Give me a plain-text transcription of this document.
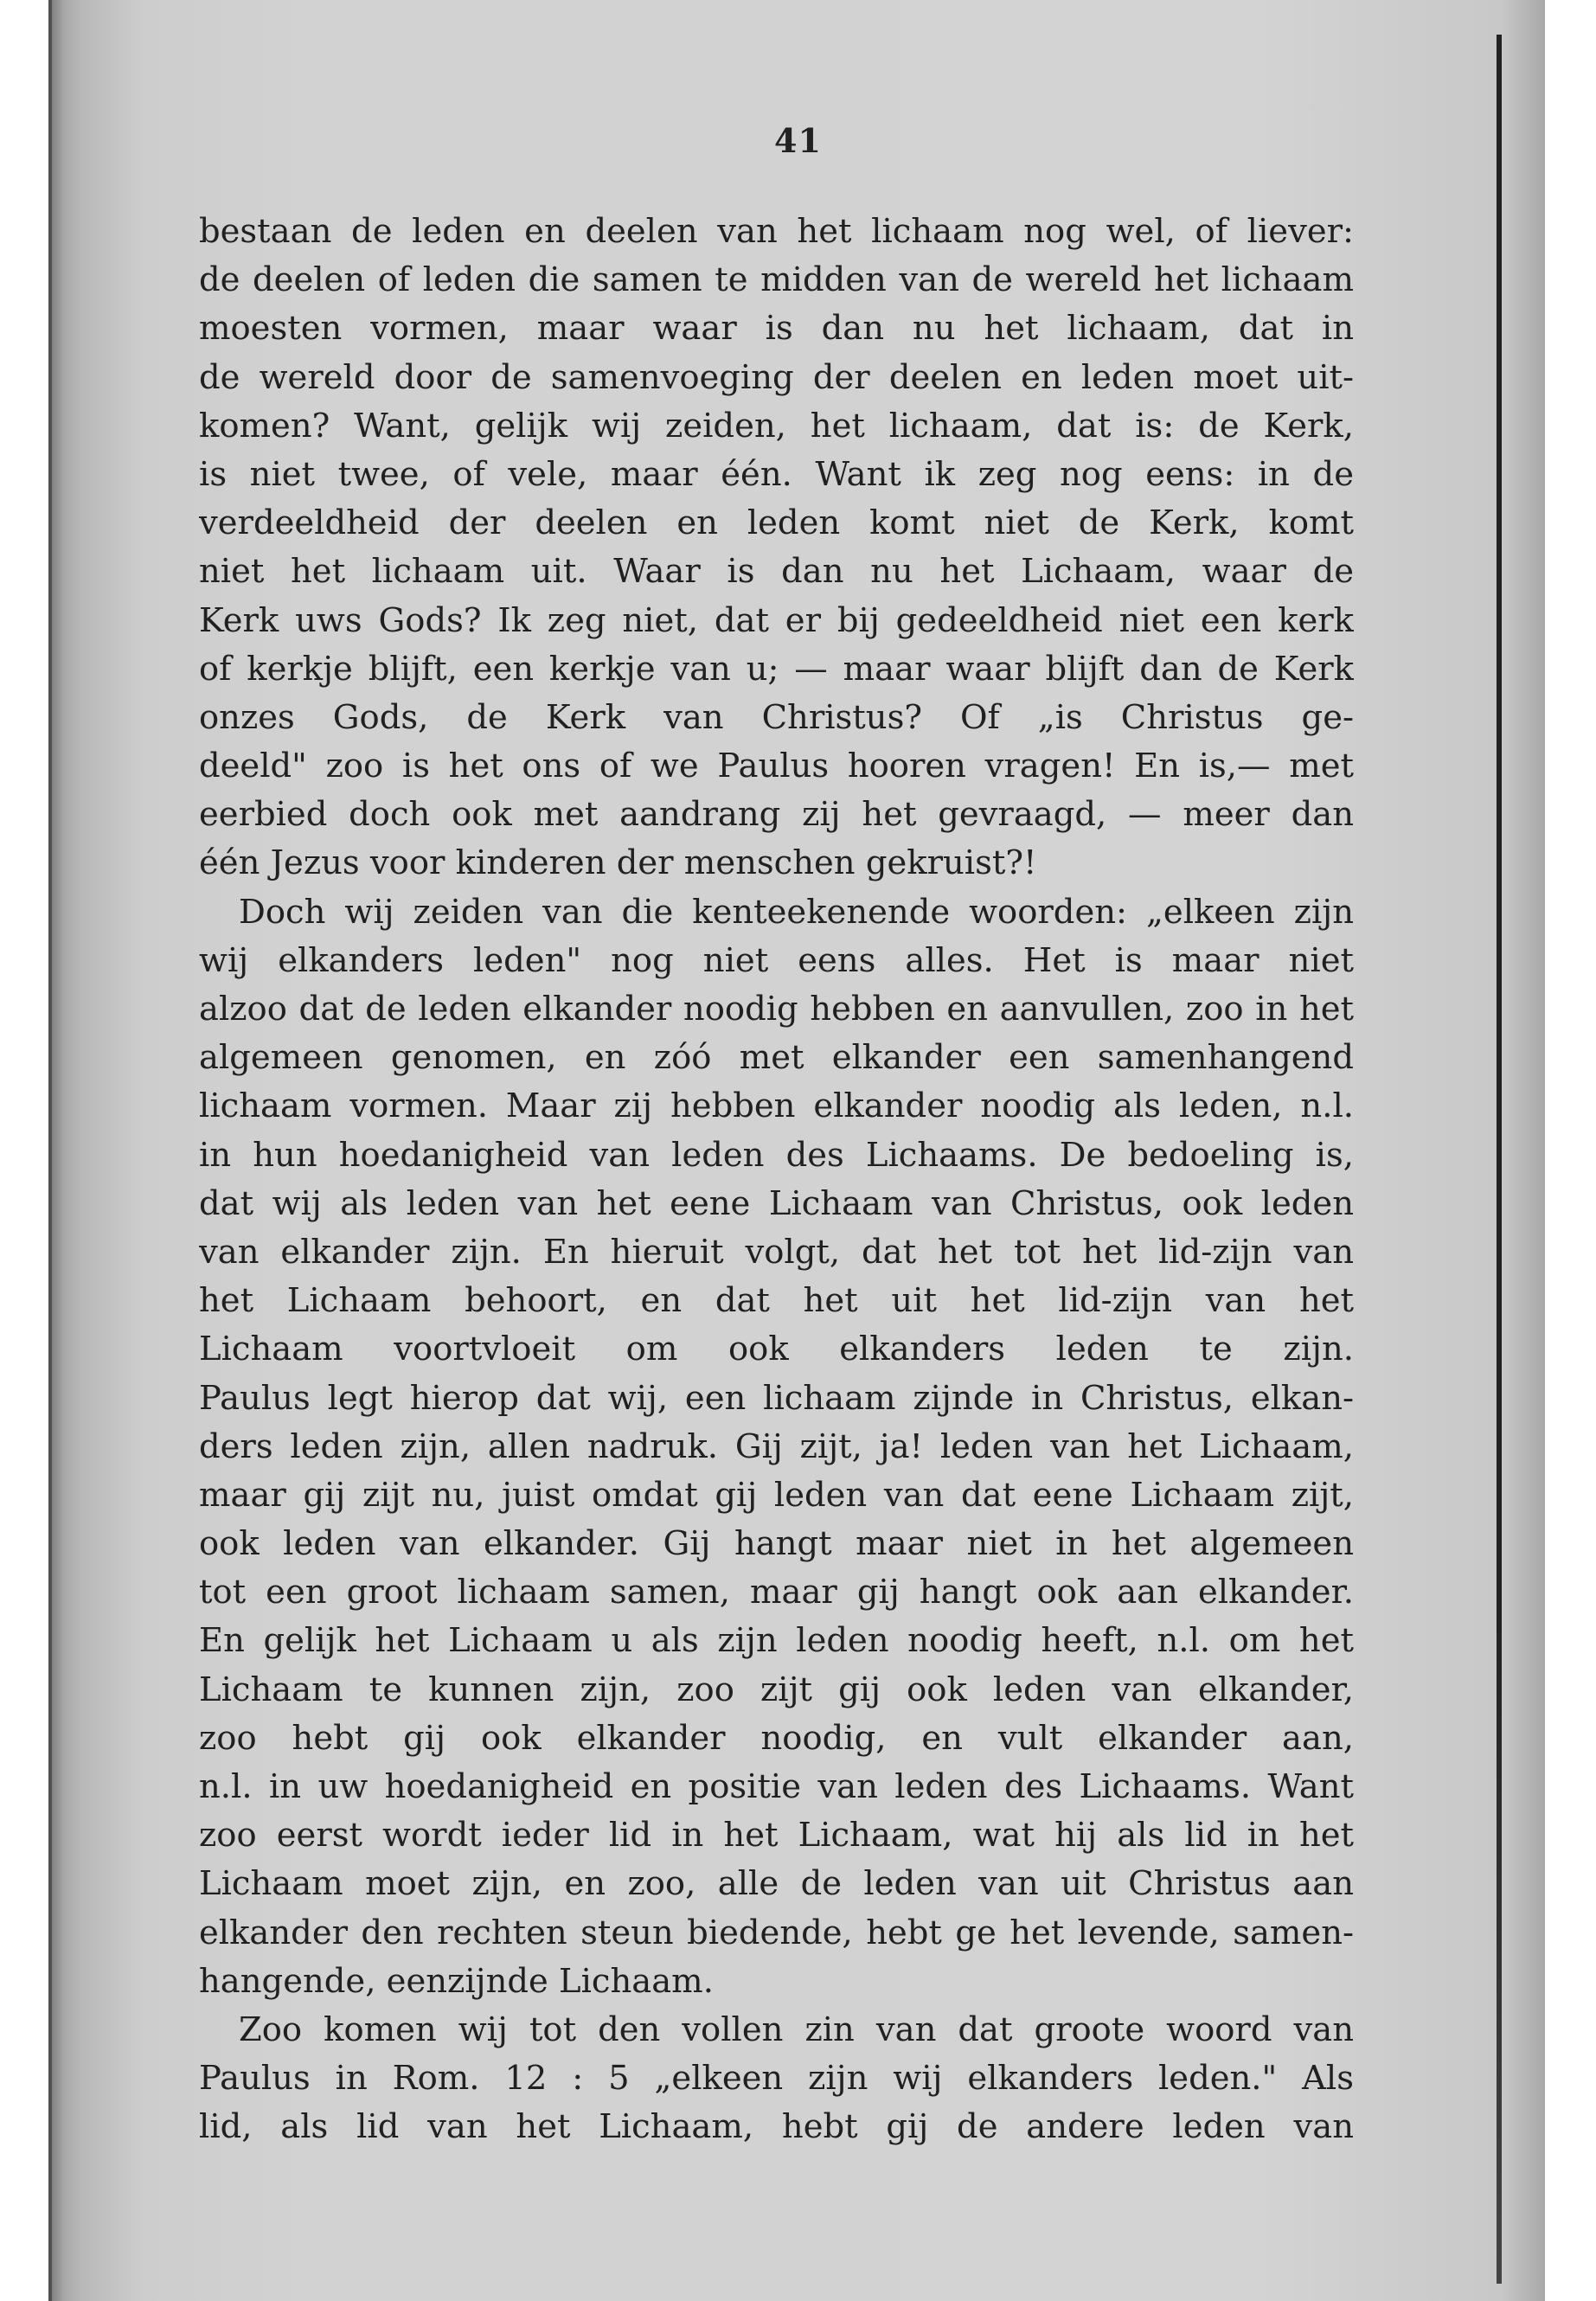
41
bestaan de leden en deelen van het lichaam nog wel, of liever:
de deelen of leden die samen te midden van de wereld het lichaam
moesten vormen, maar waar is dan nu het lichaam, dat in
de wereld door de samenvoeging der deelen en leden moet uit-
komen? Want, gelijk wij zeiden, het lichaam, dat is: de Kerk,
is niet twee, of vele, maar één. Want ik zeg nog eens: in de
verdeeldheid der deelen en leden komt niet de Kerk, komt
niet het lichaam uit. Waar is dan nu het Lichaam, waar de
Kerk uws Gods? Ik zeg niet, dat er bij gedeeldheid niet een kerk
of kerkje blijft, een kerkje van u; — maar waar blijft dan de Kerk
onzes Gods, de Kerk van Christus? Of „is Christus ge-
deeld" zoo is het ons of we Paulus hooren vragen! En is,— met
eerbied doch ook met aandrang zij het gevraagd, — meer dan
één Jezus voor kinderen der menschen gekruist?!
Doch wij zeiden van die kenteekenende woorden: „elkeen zijn
wij elkanders leden" nog niet eens alles. Het is maar niet
alzoo dat de leden elkander noodig hebben en aanvullen, zoo in het
algemeen genomen, en zóó met elkander een samenhangend
lichaam vormen. Maar zij hebben elkander noodig als leden, n.l.
in hun hoedanigheid van leden des Lichaams. De bedoeling is,
dat wij als leden van het eene Lichaam van Christus, ook leden
van elkander zijn. En hieruit volgt, dat het tot het lid-zijn van
het Lichaam behoort, en dat het uit het lid-zijn van het
Lichaam voortvloeit om ook elkanders leden te zijn.
Paulus legt hierop dat wij, een lichaam zijnde in Christus, elkan-
ders leden zijn, allen nadruk. Gij zijt, ja! leden van het Lichaam,
maar gij zijt nu, juist omdat gij leden van dat eene Lichaam zijt,
ook leden van elkander. Gij hangt maar niet in het algemeen
tot een groot lichaam samen, maar gij hangt ook aan elkander.
En gelijk het Lichaam u als zijn leden noodig heeft, n.l. om het
Lichaam te kunnen zijn, zoo zijt gij ook leden van elkander,
zoo hebt gij ook elkander noodig, en vult elkander aan,
n.l. in uw hoedanigheid en positie van leden des Lichaams. Want
zoo eerst wordt ieder lid in het Lichaam, wat hij als lid in het
Lichaam moet zijn, en zoo, alle de leden van uit Christus aan
elkander den rechten steun biedende, hebt ge het levende, samen-
hangende, eenzijnde Lichaam.
Zoo komen wij tot den vollen zin van dat groote woord van
Paulus in Rom. 12 : 5 „elkeen zijn wij elkanders leden." Als
lid, als lid van het Lichaam, hebt gij de andere leden van
